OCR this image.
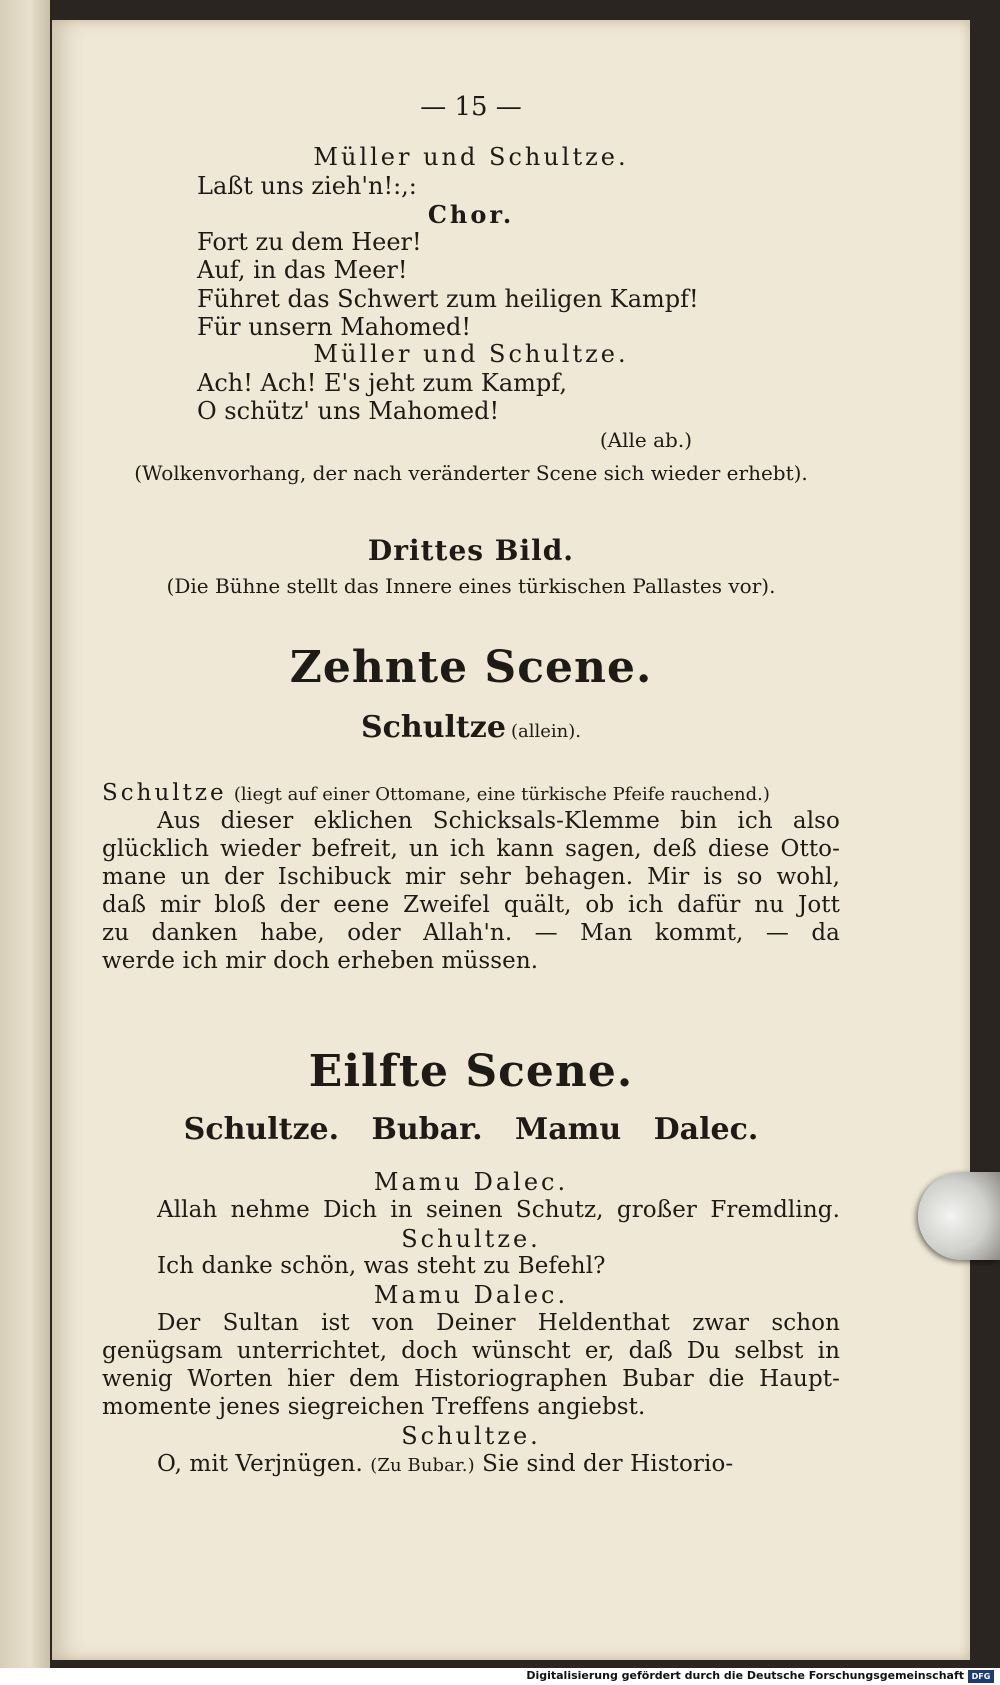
— 15 —
Müller und Schultze.
Laßt uns zieh'n!:,:
Chor.
Fort zu dem Heer!
Auf, in das Meer!
Führet das Schwert zum heiligen Kampf!
Für unsern Mahomed!
Müller und Schultze.
Ach! Ach! E's jeht zum Kampf,
O schütz' uns Mahomed!
(Alle ab.)
(Wolkenvorhang, der nach veränderter Scene sich wieder erhebt).
Drittes Bild.
(Die Bühne stellt das Innere eines türkischen Pallastes vor).
Zehnte Scene.
Schultze (allein).
Schultze (liegt auf einer Ottomane, eine türkische Pfeife rauchend.)
Aus dieser eklichen Schicksals-Klemme bin ich also
glücklich wieder befreit, un ich kann sagen, deß diese Otto-
mane un der Ischibuck mir sehr behagen. Mir is so wohl,
daß mir bloß der eene Zweifel quält, ob ich dafür nu Jott
zu danken habe, oder Allah'n. — Man kommt, — da
werde ich mir doch erheben müssen.
Eilfte Scene.
Schultze. Bubar. Mamu Dalec.
Mamu Dalec.
Allah nehme Dich in seinen Schutz, großer Fremdling.
Schultze.
Ich danke schön, was steht zu Befehl?
Mamu Dalec.
Der Sultan ist von Deiner Heldenthat zwar schon
genügsam unterrichtet, doch wünscht er, daß Du selbst in
wenig Worten hier dem Historiographen Bubar die Haupt-
momente jenes siegreichen Treffens angiebst.
Schultze.
O, mit Verjnügen. (Zu Bubar.) Sie sind der Historio-
Digitalisierung gefördert durch die Deutsche Forschungsgemeinschaft DFG
